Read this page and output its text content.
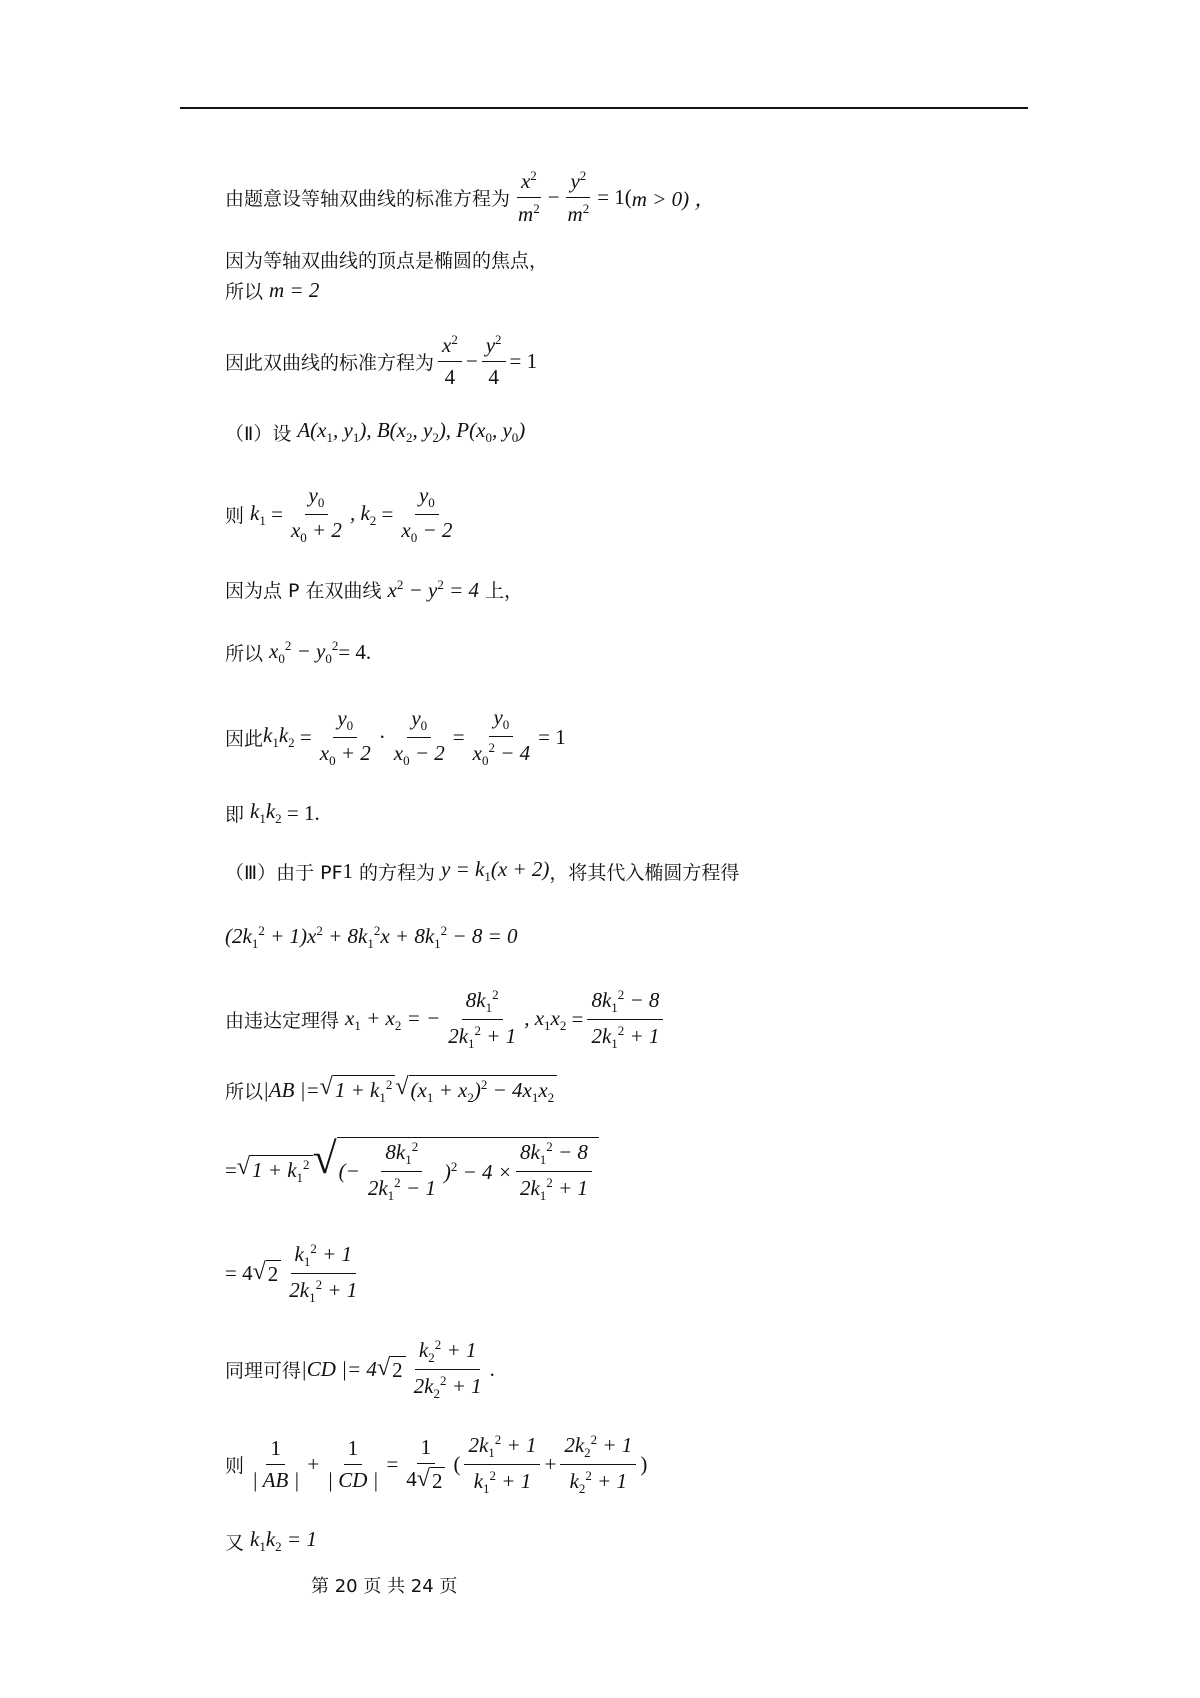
由题意设等轴双曲线的标准方程为 $\frac{x^2}{m^2} - \frac{y^2}{m^2} = 1$( m > 0) ，
因为等轴双曲线的顶点是椭圆的焦点，
所以 m = 2
因此双曲线的标准方程为 $\frac{x^2}{4} - \frac{y^2}{4} = 1$
（Ⅱ）设 $A(x_1$, $y_1$), $B(x_2$, $y_2$), $P(x_0$, $y_0$)
则 $k_1 = \frac{y_0}{x_0 + 2}$ , $k_2 = \frac{y_0}{x_0 - 2}$
因为点 P 在双曲线 $x^2 - y^2 = 4$ 上，
所以 $x_0^2 - y_0^2 = 4$.
因此 $k_1k_2 = \frac{y_0}{x_0 + 2} \cdot \frac{y_0}{x_0 - 2} = \frac{y_0}{x_0^2 - 4} = 1$
即 $k_1k_2$
= 1.
（Ⅲ）由于 PF 1 的方程为 $y = k_1(x + 2)$ ，将其代入椭圆方程得
$(2k_1^2 + 1)x^2 + 8k_1^2x + 8k_1^2 - 8 = 0$
由违达定理得 $x_1 + x_2$ = − $\frac{8k_1^2}{2k_1^2 + 1}$ , $x_1x_2 = \frac{8k_1^2 - 8}{2k_1^2 + 1}$
所以 |AB |= √ $1 + k_1^2$ √ $(x_1 + x_2)^2 - 4x_1x_2$
= √ $1 + k_1^2$ √ (− $\frac{8k_1^2}{2k_1^2 - 1} )^2 - 4 \times \frac{8k_1^2 - 8}{2k_1^2 + 1}$
= 4 √ $2 \frac{k_1^2 + 1}{2k_1^2 + 1}$
同理可得 |CD |= 4 √ $2 \frac{k_2^2 + 1}{2k_2^2 + 1}$ .
则 $\frac{1}{| AB |} + \frac{1}{| CD |} = \frac{1}{4 √ 2}$ ( $\frac{2k_1^2 + 1}{k_1^2 + 1} + \frac{2k_2^2 + 1}{k_2^2 + 1}$ )
又 $k_1k_2 = 1$
第 20 页 共 24 页
